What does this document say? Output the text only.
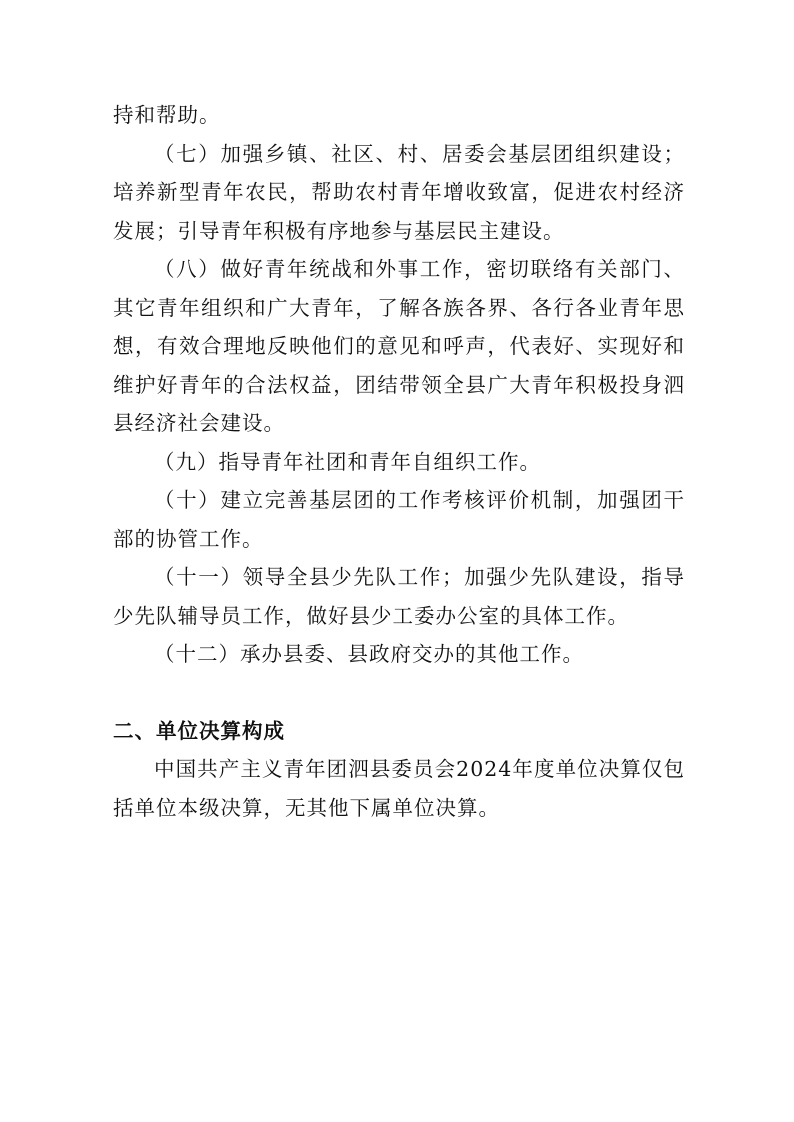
持和帮助。

（七）加强乡镇、社区、村、居委会基层团组织建设；培养新型青年农民，帮助农村青年增收致富，促进农村经济发展；引导青年积极有序地参与基层民主建设。

（八）做好青年统战和外事工作，密切联络有关部门、其它青年组织和广大青年，了解各族各界、各行各业青年思想，有效合理地反映他们的意见和呼声，代表好、实现好和维护好青年的合法权益，团结带领全县广大青年积极投身泗县经济社会建设。

（九）指导青年社团和青年自组织工作。

（十）建立完善基层团的工作考核评价机制，加强团干部的协管工作。

（十一）领导全县少先队工作；加强少先队建设，指导少先队辅导员工作，做好县少工委办公室的具体工作。

（十二）承办县委、县政府交办的其他工作。

二、单位决算构成

中国共产主义青年团泗县委员会2024年度单位决算仅包括单位本级决算，无其他下属单位决算。
